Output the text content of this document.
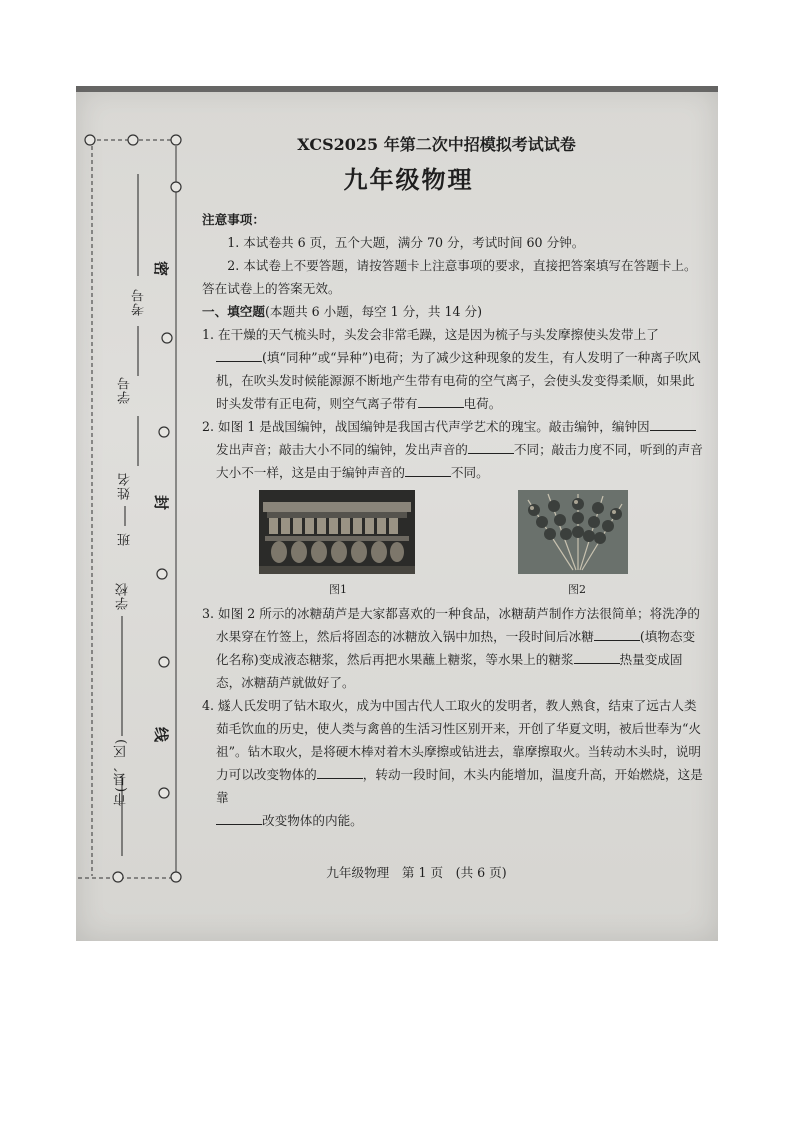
考号
学号
姓名
班
学校
市(县、区)
密
封
线
XCS2025 年第二次中招模拟考试试卷
九年级物理

注意事项：

1. 本试卷共 6 页，五个大题，满分 70 分，考试时间 60 分钟。

2. 本试卷上不要答题，请按答题卡上注意事项的要求，直接把答案填写在答题卡上。答在试卷上的答案无效。

一、填空题(本题共 6 小题，每空 1 分，共 14 分)

1. 在干燥的天气梳头时，头发会非常毛躁，这是因为梳子与头发摩擦使头发带上了 (填“同种”或“异种”)电荷；为了减少这种现象的发生，有人发明了一种离子吹风机，在吹头发时候能源源不断地产生带有电荷的空气离子，会使头发变得柔顺，如果此时头发带有正电荷，则空气离子带有	电荷。

2. 如图 1 是战国编钟，战国编钟是我国古代声学艺术的瑰宝。敲击编钟，编钟因发出声音；敲击大小不同的编钟，发出声音的	不同；敲击力度不同，听到的声音大小不一样，这是由于编钟声音的	不同。

图1	图2

3. 如图 2 所示的冰糖葫芦是大家都喜欢的一种食品，冰糖葫芦制作方法很简单；将洗净的水果穿在竹签上，然后将固态的冰糖放入锅中加热，一段时间后冰糖	(填物态变化名称)变成液态糖浆，然后再把水果蘸上糖浆，等水果上的糖浆	热量变成固态，冰糖葫芦就做好了。

4. 燧人氏发明了钻木取火，成为中国古代人工取火的发明者，教人熟食，结束了远古人类茹毛饮血的历史，使人类与禽兽的生活习性区别开来，开创了华夏文明，被后世奉为“火祖”。钻木取火，是将硬木棒对着木头摩擦或钻进去，靠摩擦取火。当转动木头时，说明力可以改变物体的	，转动一段时间，木头内能增加，温度升高，开始燃烧，这是靠
改变物体的内能。

九年级物理　第 1 页　(共 6 页)
